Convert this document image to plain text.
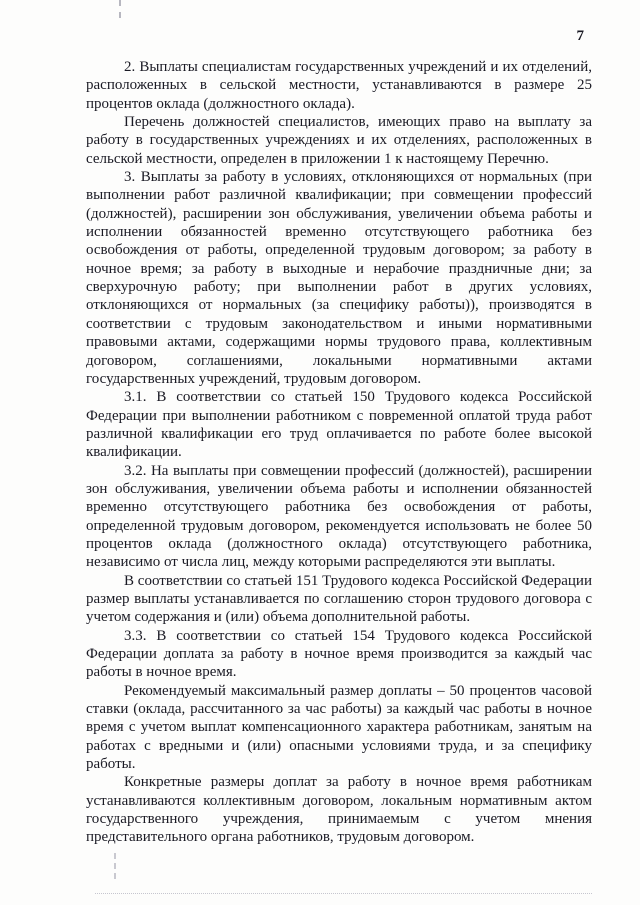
7

2. Выплаты специалистам государственных учреждений и их отделений, расположенных в сельской местности, устанавливаются в размере 25 процентов оклада (должностного оклада).

Перечень должностей специалистов, имеющих право на выплату за работу в государственных учреждениях и их отделениях, расположенных в сельской местности, определен в приложении 1 к настоящему Перечню.

3. Выплаты за работу в условиях, отклоняющихся от нормальных (при выполнении работ различной квалификации; при совмещении профессий (должностей), расширении зон обслуживания, увеличении объема работы и исполнении обязанностей временно отсутствующего работника без освобождения от работы, определенной трудовым договором; за работу в ночное время; за работу в выходные и нерабочие праздничные дни; за сверхурочную работу; при выполнении работ в других условиях, отклоняющихся от нормальных (за специфику работы)), производятся в соответствии с трудовым законодательством и иными нормативными правовыми актами, содержащими нормы трудового права, коллективным договором, соглашениями, локальными нормативными актами государственных учреждений, трудовым договором.

3.1. В соответствии со статьей 150 Трудового кодекса Российской Федерации при выполнении работником с повременной оплатой труда работ различной квалификации его труд оплачивается по работе более высокой квалификации.

3.2. На выплаты при совмещении профессий (должностей), расширении зон обслуживания, увеличении объема работы и исполнении обязанностей временно отсутствующего работника без освобождения от работы, определенной трудовым договором, рекомендуется использовать не более 50 процентов оклада (должностного оклада) отсутствующего работника, независимо от числа лиц, между которыми распределяются эти выплаты.

В соответствии со статьей 151 Трудового кодекса Российской Федерации размер выплаты устанавливается по соглашению сторон трудового договора с учетом содержания и (или) объема дополнительной работы.

3.3. В соответствии со статьей 154 Трудового кодекса Российской Федерации доплата за работу в ночное время производится за каждый час работы в ночное время.

Рекомендуемый максимальный размер доплаты – 50 процентов часовой ставки (оклада, рассчитанного за час работы) за каждый час работы в ночное время с учетом выплат компенсационного характера работникам, занятым на работах с вредными и (или) опасными условиями труда, и за специфику работы.

Конкретные размеры доплат за работу в ночное время работникам устанавливаются коллективным договором, локальным нормативным актом государственного учреждения, принимаемым с учетом мнения представительного органа работников, трудовым договором.
